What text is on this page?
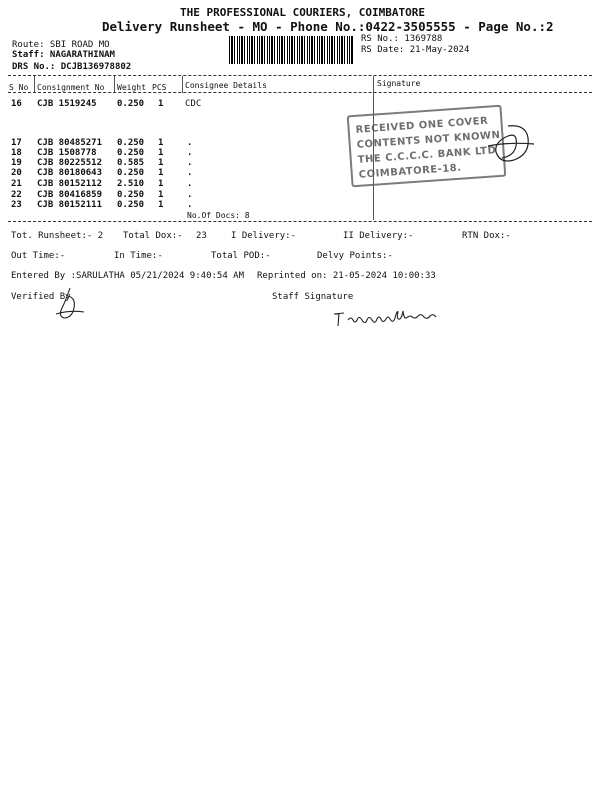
THE PROFESSIONAL COURIERS, COIMBATORE
Delivery Runsheet - MO - Phone No.:0422-3505555 - Page No.:2
Route: SBI ROAD MO
Staff: NAGARATHINAM
DRS No.: DCJB136978802
RS No.: 1369788
RS Date: 21-May-2024
S No Consignment No Weight PCS Consignee Details	Signature
16 CJB 1519245 0.250 1 CDC
17 CJB 80485271 0.250 1	.
18 CJB 1508778 0.250 1	.
19 CJB 80225512 0.585 1	.
20 CJB 80180643 0.250 1	.
21 CJB 80152112 2.510 1	.
22 CJB 80416859 0.250 1	.
23 CJB 80152111 0.250 1	.
No.Of Docs: 8
RECEIVED ONE COVER
CONTENTS NOT KNOWN
THE C.C.C.C. BANK LTD
COIMBATORE-18.
Tot. Runsheet:- 2 Total Dox:- 23	I Delivery:-	II Delivery:-	RTN Dox:-
Out Time:-	In Time:-	Total POD:-	Delvy Points:-
Entered By :SARULATHA 05/21/2024 9:40:54 AM Reprinted on: 21-05-2024 10:00:33
Verified By	Staff Signature
